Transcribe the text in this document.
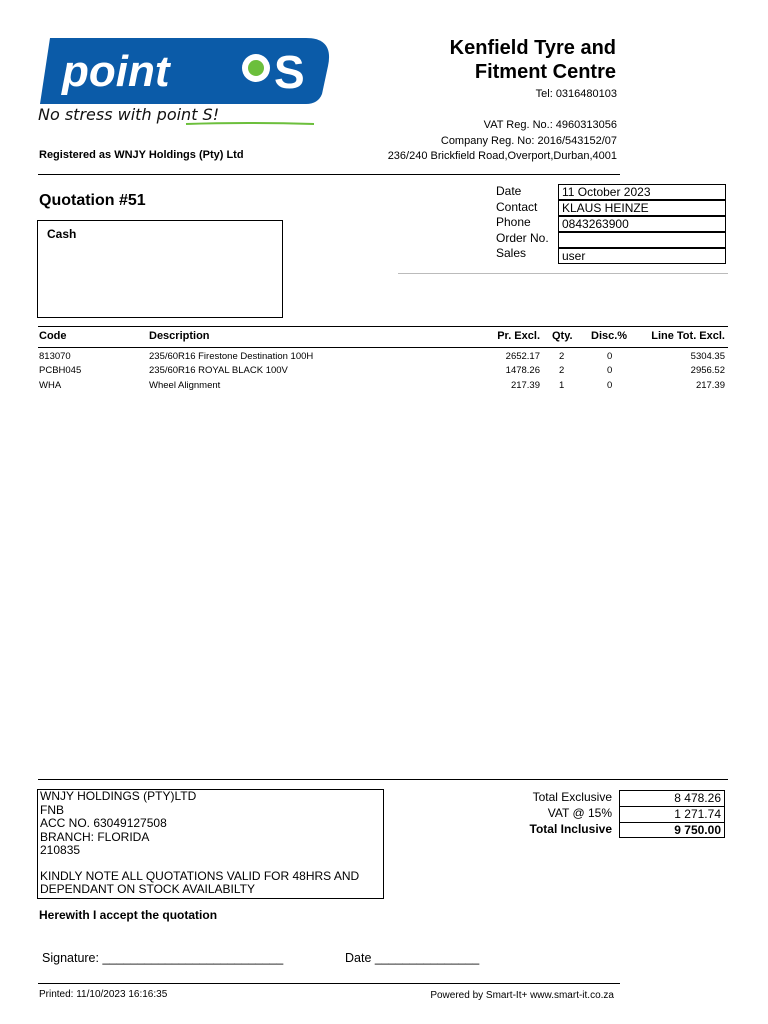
point S
No stress with point S!
Kenfield Tyre and
Fitment Centre
Tel: 0316480103
VAT Reg. No.: 4960313056
Company Reg. No: 2016/543152/07
236/240 Brickfield Road,Overport,Durban,4001
Registered as WNJY Holdings (Pty) Ltd
Quotation #51
Cash
Date	11 October 2023
Contact	KLAUS HEINZE
Phone	0843263900
Order No.
Sales	user
Code	Description	Pr. Excl. Qty. Disc.%	Line Tot. Excl.
813070	235/60R16 Firestone Destination 100H	2652.17 2	0	5304.35
PCBH045	235/60R16 ROYAL BLACK 100V	1478.26 2	0	2956.52
WHA	Wheel Alignment	217.39 1	0	217.39
WNJY HOLDINGS (PTY)LTD
FNB
ACC NO. 63049127508
BRANCH: FLORIDA
210835
KINDLY NOTE ALL QUOTATIONS VALID FOR 48HRS AND
DEPENDANT ON STOCK AVAILABILTY
Total Exclusive	8 478.26
VAT @ 15%	1 271.74
Total Inclusive	9 750.00
Herewith I accept the quotation
Signature: __________________________	Date _______________
Printed: 11/10/2023 16:16:35	Powered by Smart-It+ www.smart-it.co.za
